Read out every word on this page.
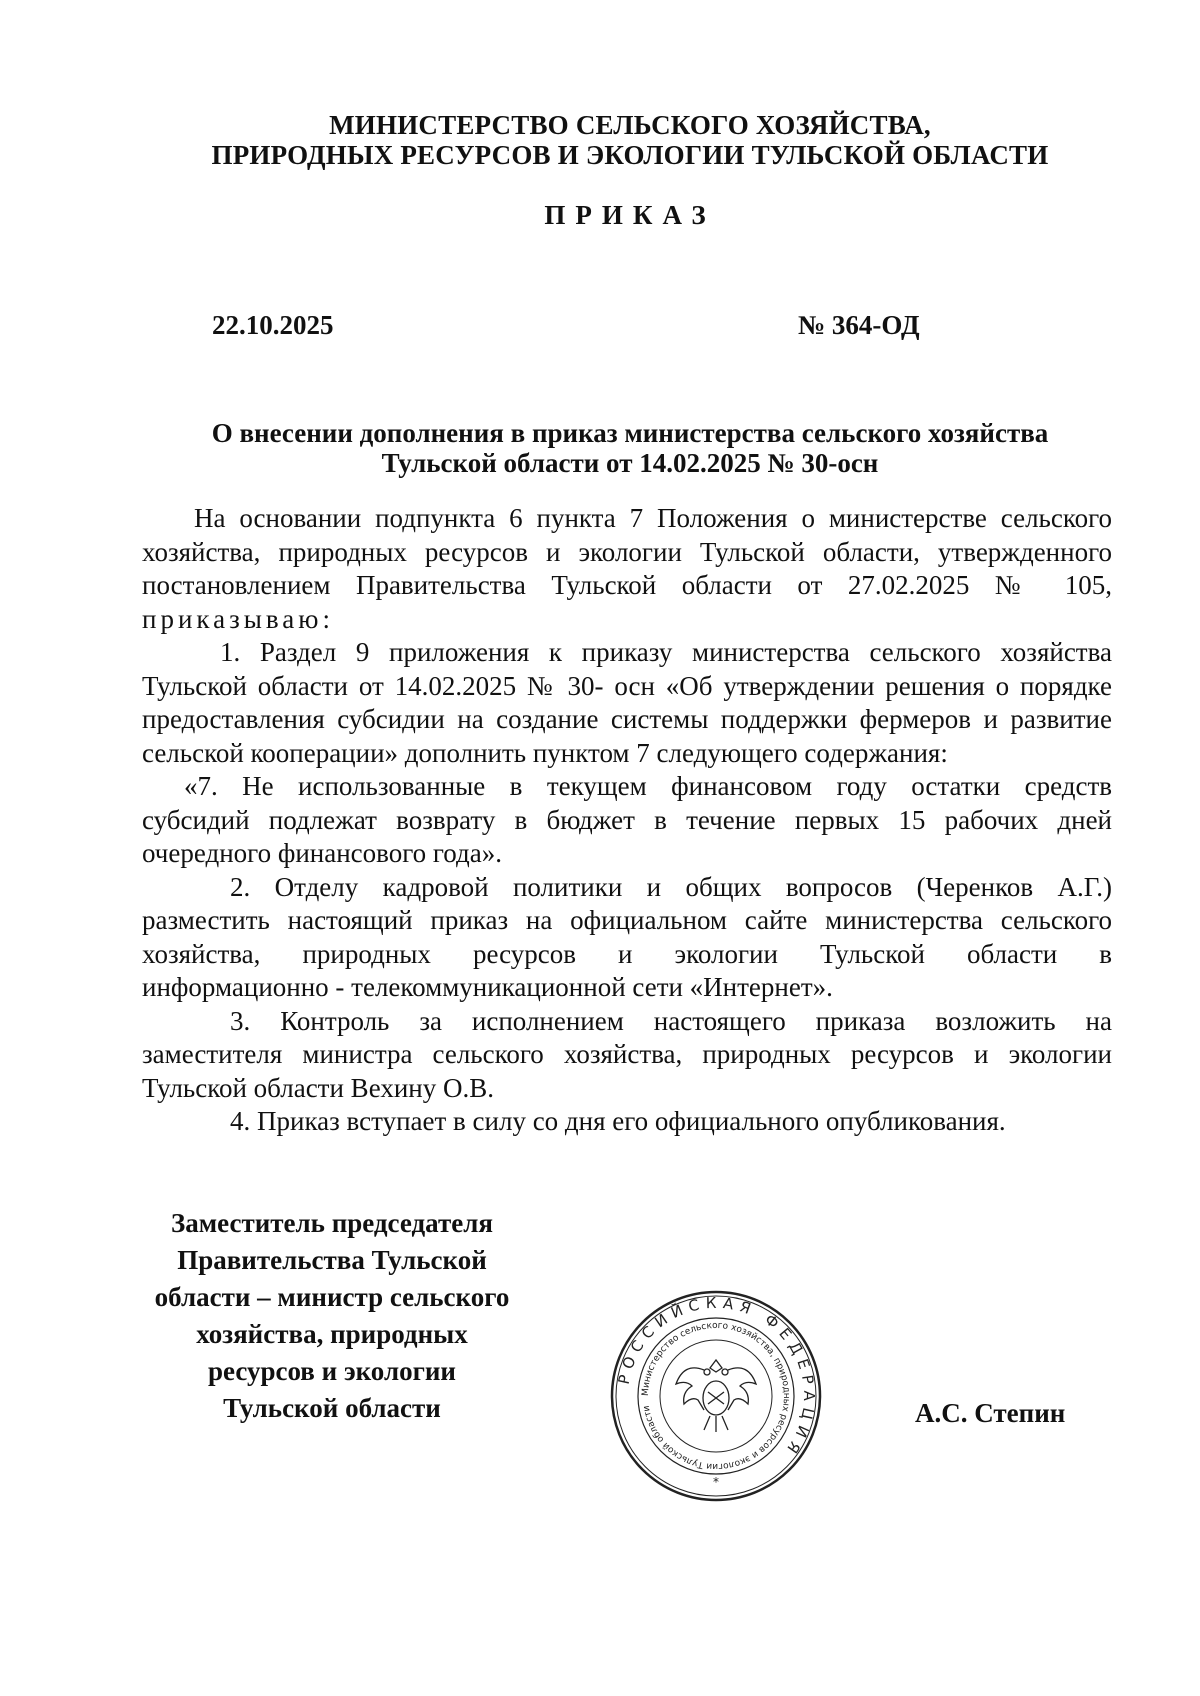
МИНИСТЕРСТВО СЕЛЬСКОГО ХОЗЯЙСТВА,
ПРИРОДНЫХ РЕСУРСОВ И ЭКОЛОГИИ ТУЛЬСКОЙ ОБЛАСТИ
ПРИКАЗ
22.10.2025	№ 364-ОД
О внесении дополнения в приказ министерства сельского хозяйства
Тульской области от 14.02.2025 № 30-осн
На основании подпункта 6 пункта 7 Положения о министерстве сельского
хозяйства, природных ресурсов и экологии Тульской области, утвержденного
постановлением Правительства Тульской области от 27.02.2025 № 105,
приказываю:
1. Раздел 9 приложения к приказу министерства сельского хозяйства
Тульской области от 14.02.2025 № 30- осн «Об утверждении решения о порядке
предоставления субсидии на создание системы поддержки фермеров и развитие
сельской кооперации» дополнить пунктом 7 следующего содержания:
«7. Не использованные в текущем финансовом году остатки средств
субсидий подлежат возврату в бюджет в течение первых 15 рабочих дней
очередного финансового года».
2. Отделу кадровой политики и общих вопросов (Черенков А.Г.)
разместить настоящий приказ на официальном сайте министерства сельского
хозяйства, природных ресурсов и экологии Тульской области в
информационно - телекоммуникационной сети «Интернет».
3. Контроль за исполнением настоящего приказа возложить на
заместителя министра сельского хозяйства, природных ресурсов и экологии
Тульской области Вехину О.В.
4. Приказ вступает в силу со дня его официального опубликования.
Заместитель председателя
Правительства Тульской
области – министр сельского
хозяйства, природных
ресурсов и экологии
Тульской области
РОССИЙСКАЯ ФЕДЕРАЦИЯ
Министерство сельского хозяйства, природных ресурсов и экологии Тульской области
*
А.С. Степин
